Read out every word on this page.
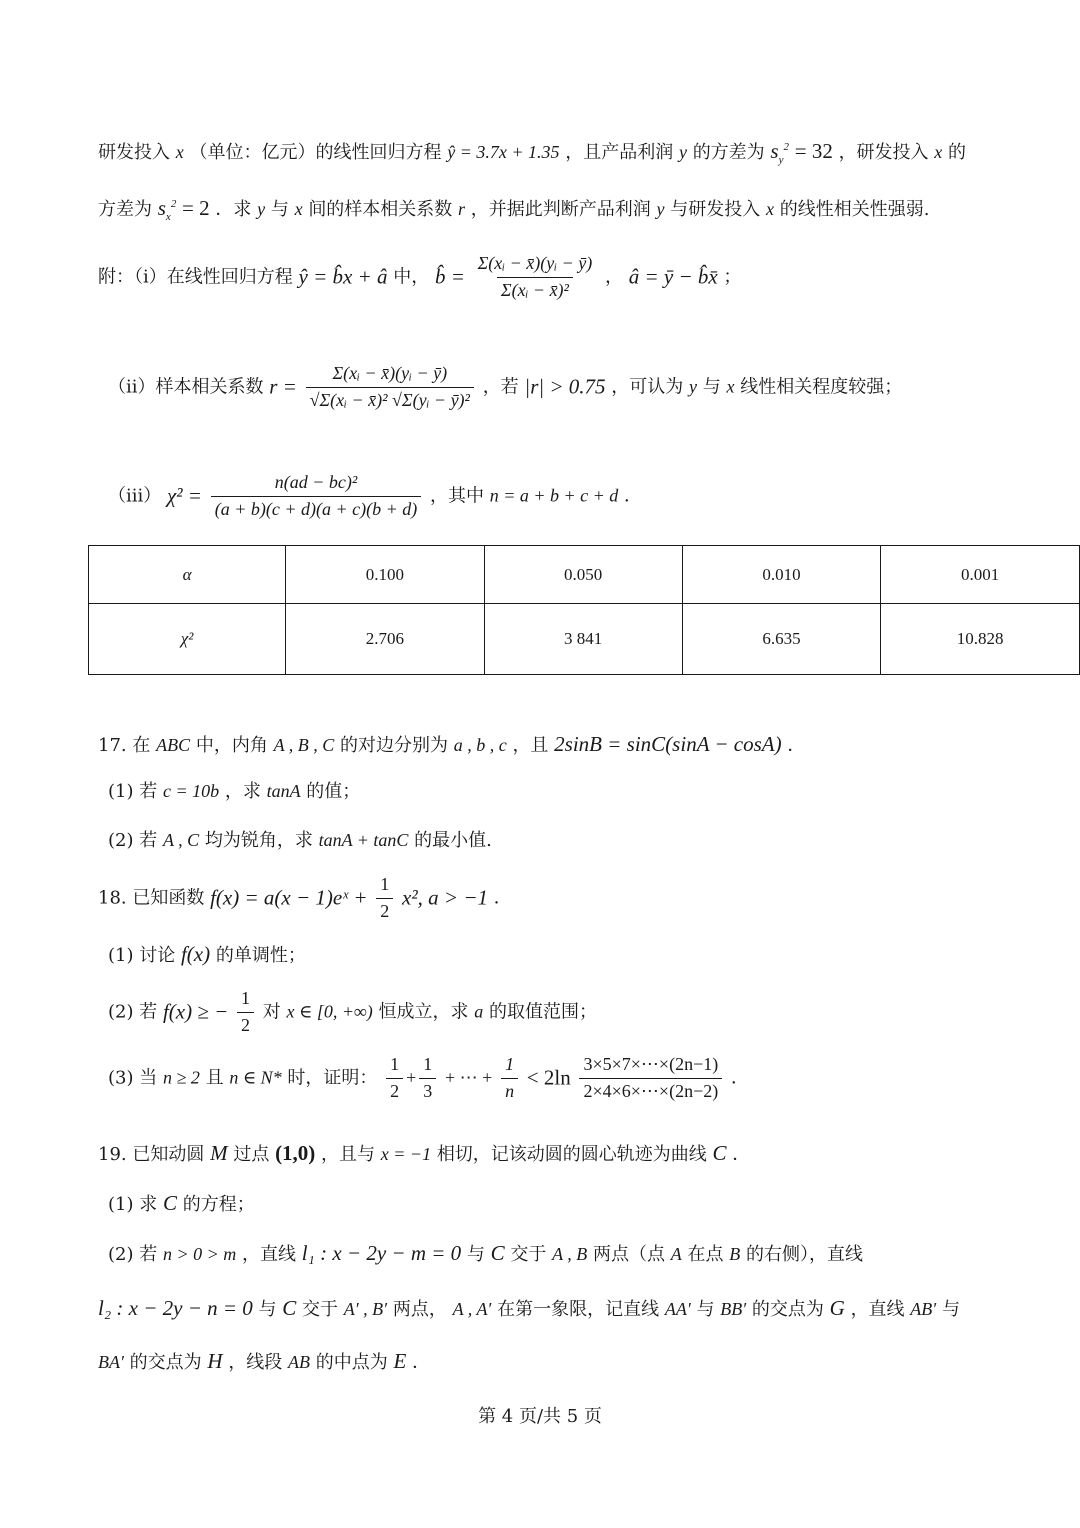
研发投入 x （单位：亿元）的线性回归方程 ŷ = 3.7x + 1.35 ，且产品利润 y 的方差为 $s_y^2 = 32$ ，研发投入 x 的
方差为 $s_x^2 = 2$ ．求 y 与 x 间的样本相关系数 r ，并据此判断产品利润 y 与研发投入 x 的线性相关性强弱.
附：（ⅰ）在线性回归方程 ŷ = b̂x + â 中， b̂ = $\frac{\text{Σ(xᵢ − x̄)(yᵢ − ȳ)}}{\text{Σ(xᵢ − x̄)²}}$ ， â = ȳ − b̂x̄ ；
（ⅱ）样本相关系数 $r = \frac{\text{Σ(xᵢ − x̄)(yᵢ − ȳ)}}{\text{√Σ(xᵢ − x̄)² √Σ(yᵢ − ȳ)²}}$ ，若 |r| > 0.75 ，可认为 y 与 x 线性相关程度较强；
（ⅲ） $\chi^2 = \frac{\text{n(ad − bc)²}}{(a + b)(c + d)(a + c)(b + d)}$ ，其中 n = a + b + c + d ．
α	0.100	0.050	0.010	0.001
χ²	2.706	3 841	6.635	10.828
17. 在 ABC 中，内角 A , B , C 的对边分别为 a , b , c ，且 2sinB = sinC(sinA − cosA) ．
(1) 若 c = 10b ，求 tanA 的值；
(2) 若 A , C 均为锐角，求 tanA + tanC 的最小值.
18. 已知函数 f(x) = a(x − 1)eˣ + $\frac{1}{2} x^2$, a > −1 ．
(1) 讨论 f(x) 的单调性；
(2) 若 f(x) ≥ − $\frac{1}{2}$ 对 x ∈ [0, +∞) 恒成立，求 a 的取值范围；
(3) 当 n ≥ 2 且 n ∈ N* 时，证明： $\frac{1}{2} + \frac{1}{3}$ + ⋯ + $\frac{1}{n} < 2\ln \frac{3\times 5\times 7\times\cdots\times(2n-1)}{2\times 4\times 6\times\cdots\times(2n-2)}$ ．
19. 已知动圆 M 过点 (1,0) ，且与 x = −1 相切，记该动圆的圆心轨迹为曲线 C ．
(1) 求 C 的方程；
(2) 若 n > 0 > m ，直线 l₁ : x − 2y − m = 0 与 C 交于 A , B 两点（点 A 在点 B 的右侧），直线
l₂ : x − 2y − n = 0 与 C 交于 A′ , B′ 两点， A , A′ 在第一象限，记直线 AA′ 与 BB′ 的交点为 G ，直线 AB′ 与
BA′ 的交点为 H ，线段 AB 的中点为 E ．
第 4 页/共 5 页
